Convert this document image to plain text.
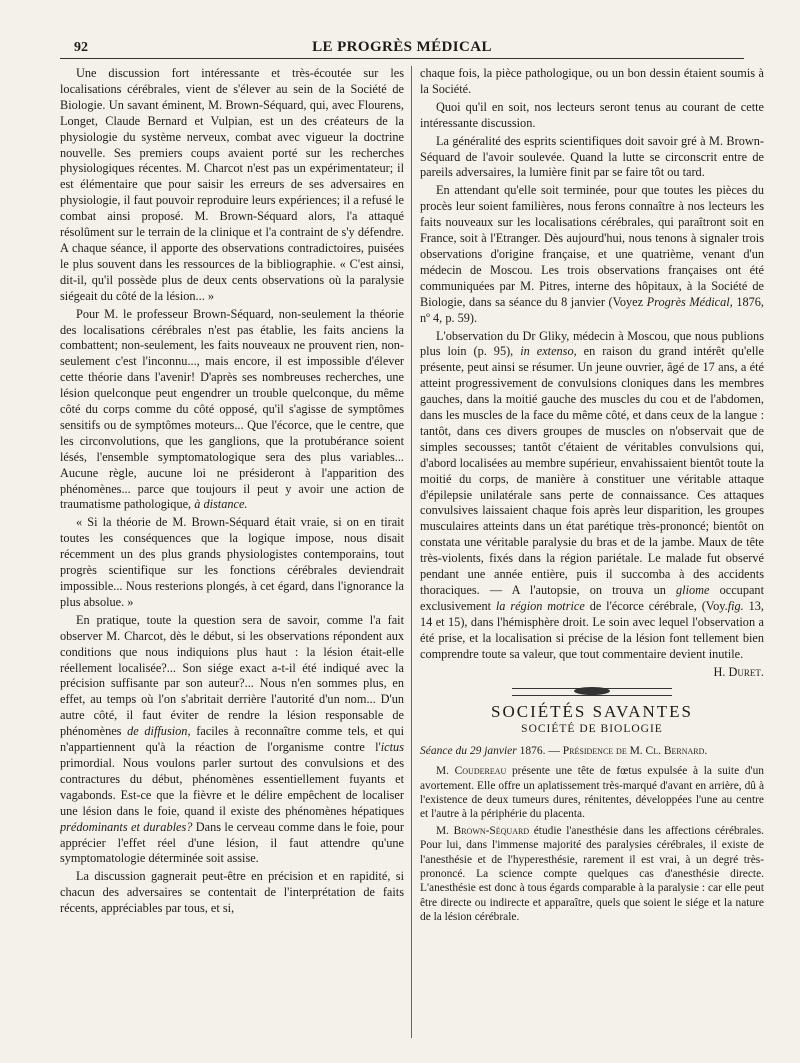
92	LE PROGRÈS MÉDICAL

Une discussion fort intéressante et très-écoutée sur les localisations cérébrales, vient de s'élever au sein de la Société de Biologie. Un savant éminent, M. Brown-Séquard, qui, avec Flourens, Longet, Claude Bernard et Vulpian, est un des créateurs de la physiologie du système nerveux, combat avec vigueur la doctrine nouvelle. Ses premiers coups avaient porté sur les recherches physiologiques récentes. M. Charcot n'est pas un expérimentateur; il est élémentaire que pour saisir les erreurs de ses adversaires en physiologie, il faut pouvoir reproduire leurs expériences; il a refusé le combat ainsi proposé. M. Brown-Séquard alors, l'a attaqué résolûment sur le terrain de la clinique et l'a contraint de s'y défendre. A chaque séance, il apporte des observations contradictoires, puisées le plus souvent dans les ressources de la bibliographie. « C'est ainsi, dit-il, qu'il possède plus de deux cents observations où la paralysie siégeait du côté de la lésion... »

Pour M. le professeur Brown-Séquard, non-seulement la théorie des localisations cérébrales n'est pas établie, les faits anciens la combattent; non-seulement, les faits nouveaux ne prouvent rien, non-seulement c'est l'inconnu..., mais encore, il est impossible d'élever cette théorie dans l'avenir! D'après ses nombreuses recherches, une lésion quelconque peut engendrer un trouble quelconque, du même côté du corps comme du côté opposé, qu'il s'agisse de symptômes sensitifs ou de symptômes moteurs... Que l'écorce, que le centre, que les circonvolutions, que les ganglions, que la protubérance soient lésés, l'ensemble symptomatologique sera des plus variables... Aucune règle, aucune loi ne présideront à l'apparition des phénomènes... parce que toujours il peut y avoir une action de traumatisme pathologique, à distance.

« Si la théorie de M. Brown-Séquard était vraie, si on en tirait toutes les conséquences que la logique impose, nous disait récemment un des plus grands physiologistes contemporains, tout progrès scientifique sur les fonctions cérébrales deviendrait impossible... Nous resterions plongés, à cet égard, dans l'ignorance la plus absolue. »

En pratique, toute la question sera de savoir, comme l'a fait observer M. Charcot, dès le début, si les observations répondent aux conditions que nous indiquions plus haut : la lésion était-elle réellement localisée?... Son siége exact a-t-il été indiqué avec la précision suffisante par son auteur?... Nous n'en sommes plus, en effet, au temps où l'on s'abritait derrière l'autorité d'un nom... D'un autre côté, il faut éviter de rendre la lésion responsable de phénomènes de diffusion, faciles à reconnaître comme tels, et qui n'appartiennent qu'à la réaction de l'organisme contre l'ictus primordial. Nous voulons parler surtout des convulsions et des contractures du début, phénomènes essentiellement fuyants et vagabonds. Est-ce que la fièvre et le délire empêchent de localiser une lésion dans le foie, quand il existe des phénomènes hépatiques prédominants et durables? Dans le cerveau comme dans le foie, pour apprécier l'effet réel d'une lésion, il faut attendre qu'une symptomatologie déterminée soit assise.

La discussion gagnerait peut-être en précision et en rapidité, si chacun des adversaires se contentait de l'interprétation de faits récents, appréciables par tous, et si,

chaque fois, la pièce pathologique, ou un bon dessin étaient soumis à la Société.

Quoi qu'il en soit, nos lecteurs seront tenus au courant de cette intéressante discussion.

La généralité des esprits scientifiques doit savoir gré à M. Brown-Séquard de l'avoir soulevée. Quand la lutte se circonscrit entre de pareils adversaires, la lumière finit par se faire tôt ou tard.

En attendant qu'elle soit terminée, pour que toutes les pièces du procès leur soient familières, nous ferons connaître à nos lecteurs les faits nouveaux sur les localisations cérébrales, qui paraîtront soit en France, soit à l'Etranger. Dès aujourd'hui, nous tenons à signaler trois observations d'origine française, et une quatrième, venant d'un médecin de Moscou. Les trois observations françaises ont été communiquées par M. Pitres, interne des hôpitaux, à la Société de Biologie, dans sa séance du 8 janvier (Voyez Progrès Médical, 1876, nº 4, p. 59).

L'observation du Dr Gliky, médecin à Moscou, que nous publions plus loin (p. 95), in extenso, en raison du grand intérêt qu'elle présente, peut ainsi se résumer. Un jeune ouvrier, âgé de 17 ans, a été atteint progressivement de convulsions cloniques dans les membres gauches, dans la moitié gauche des muscles du cou et de l'abdomen, dans les muscles de la face du même côté, et dans ceux de la langue : tantôt, dans ces divers groupes de muscles on n'observait que de simples secousses; tantôt c'étaient de véritables convulsions qui, d'abord localisées au membre supérieur, envahissaient bientôt toute la moitié du corps, de manière à constituer une véritable attaque d'épilepsie unilatérale sans perte de connaissance. Ces attaques convulsives laissaient chaque fois après leur disparition, les groupes musculaires atteints dans un état parétique très-prononcé; bientôt on constata une véritable paralysie du bras et de la jambe. Maux de tête très-violents, fixés dans la région pariétale. Le malade fut observé pendant une année entière, puis il succomba à des accidents thoraciques. — A l'autopsie, on trouva un gliome occupant exclusivement la région motrice de l'écorce cérébrale, (Voy.fig. 13, 14 et 15), dans l'hémisphère droit. Le soin avec lequel l'observation a été prise, et la localisation si précise de la lésion font tellement bien comprendre toute sa valeur, que tout commentaire devient inutile.

H. Duret.

SOCIÉTÉS SAVANTES
SOCIÉTÉ DE BIOLOGIE

Séance du 29 janvier 1876. — Présidence de M. Cl. Bernard.

M. Coudereau présente une tête de fœtus expulsée à la suite d'un avortement. Elle offre un aplatissement très-marqué d'avant en arrière, dû à l'existence de deux tumeurs dures, rénitentes, développées l'une au centre et l'autre à la périphérie du placenta.

M. Brown-Séquard étudie l'anesthésie dans les affections cérébrales. Pour lui, dans l'immense majorité des paralysies cérébrales, il existe de l'anesthésie et de l'hyperesthésie, rarement il est vrai, à un degré très-prononcé. La science compte quelques cas d'anesthésie directe. L'anesthésie est donc à tous égards comparable à la paralysie : car elle peut être directe ou indirecte et apparaître, quels que soient le siége et la nature de la lésion cérébrale.
